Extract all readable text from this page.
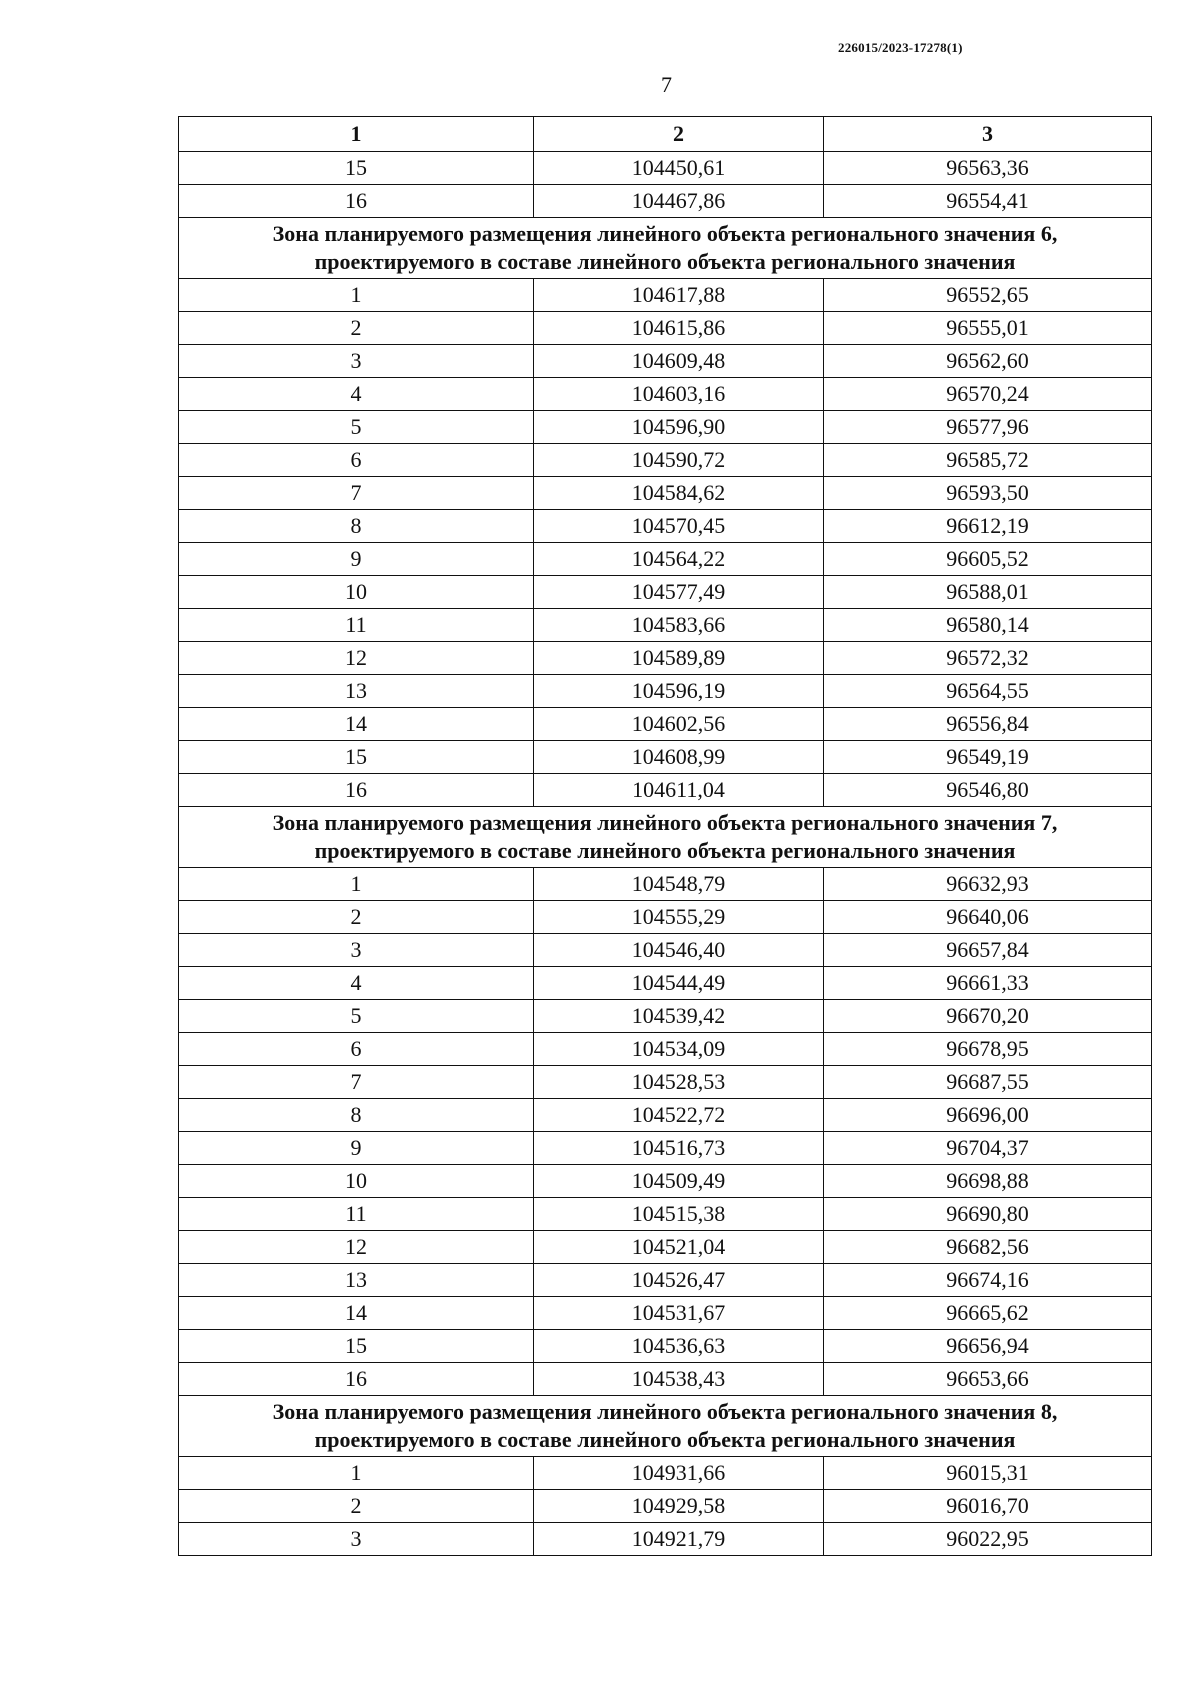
226015/2023-17278(1)
7
1	2	3
15	104450,61	96563,36
16	104467,86	96554,41

Зона планируемого размещения линейного объекта регионального значения 6,
проектируемого в составе линейного объекта регионального значения		

1	104617,88	96552,65
2	104615,86	96555,01
3	104609,48	96562,60
4	104603,16	96570,24
5	104596,90	96577,96
6	104590,72	96585,72
7	104584,62	96593,50
8	104570,45	96612,19
9	104564,22	96605,52
10	104577,49	96588,01
11	104583,66	96580,14
12	104589,89	96572,32
13	104596,19	96564,55
14	104602,56	96556,84
15	104608,99	96549,19
16	104611,04	96546,80

Зона планируемого размещения линейного объекта регионального значения 7,
проектируемого в составе линейного объекта регионального значения		

1	104548,79	96632,93
2	104555,29	96640,06
3	104546,40	96657,84
4	104544,49	96661,33
5	104539,42	96670,20
6	104534,09	96678,95
7	104528,53	96687,55
8	104522,72	96696,00
9	104516,73	96704,37
10	104509,49	96698,88
11	104515,38	96690,80
12	104521,04	96682,56
13	104526,47	96674,16
14	104531,67	96665,62
15	104536,63	96656,94
16	104538,43	96653,66

Зона планируемого размещения линейного объекта регионального значения 8,
проектируемого в составе линейного объекта регионального значения		

1	104931,66	96015,31
2	104929,58	96016,70
3	104921,79	96022,95
